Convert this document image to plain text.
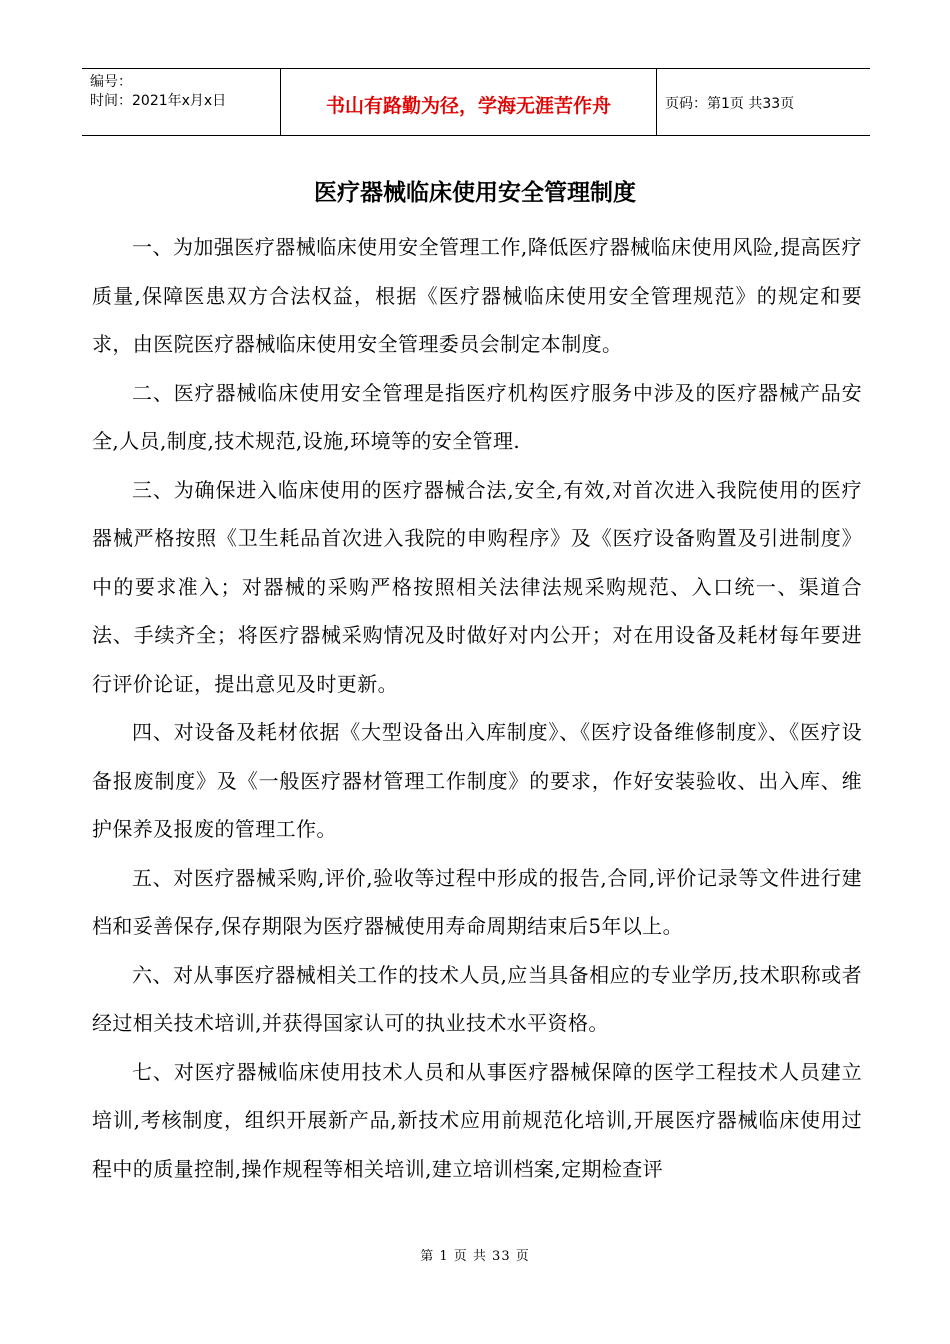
编号：
时间：2021年x月x日	书山有路勤为径，学海无涯苦作舟	页码：第1页 共33页
医疗器械临床使用安全管理制度

一、为加强医疗器械临床使用安全管理工作,降低医疗器械临床使用风险,提高医疗质量,保障医患双方合法权益，根据《医疗器械临床使用安全管理规范》的规定和要求，由医院医疗器械临床使用安全管理委员会制定本制度。

二、医疗器械临床使用安全管理是指医疗机构医疗服务中涉及的医疗器械产品安全,人员,制度,技术规范,设施,环境等的安全管理.

三、为确保进入临床使用的医疗器械合法,安全,有效,对首次进入我院使用的医疗器械严格按照《卫生耗品首次进入我院的申购程序》及《医疗设备购置及引进制度》中的要求准入；对器械的采购严格按照相关法律法规采购规范、入口统一、渠道合法、手续齐全；将医疗器械采购情况及时做好对内公开；对在用设备及耗材每年要进行评价论证，提出意见及时更新。

四、对设备及耗材依据《大型设备出入库制度》、《医疗设备维修制度》、《医疗设备报废制度》及《一般医疗器材管理工作制度》的要求，作好安装验收、出入库、维护保养及报废的管理工作。

五、对医疗器械采购,评价,验收等过程中形成的报告,合同,评价记录等文件进行建档和妥善保存,保存期限为医疗器械使用寿命周期结束后5年以上。

六、对从事医疗器械相关工作的技术人员,应当具备相应的专业学历,技术职称或者经过相关技术培训,并获得国家认可的执业技术水平资格。

七、对医疗器械临床使用技术人员和从事医疗器械保障的医学工程技术人员建立培训,考核制度，组织开展新产品,新技术应用前规范化培训,开展医疗器械临床使用过程中的质量控制,操作规程等相关培训,建立培训档案,定期检查评

第 1 页 共 33 页
